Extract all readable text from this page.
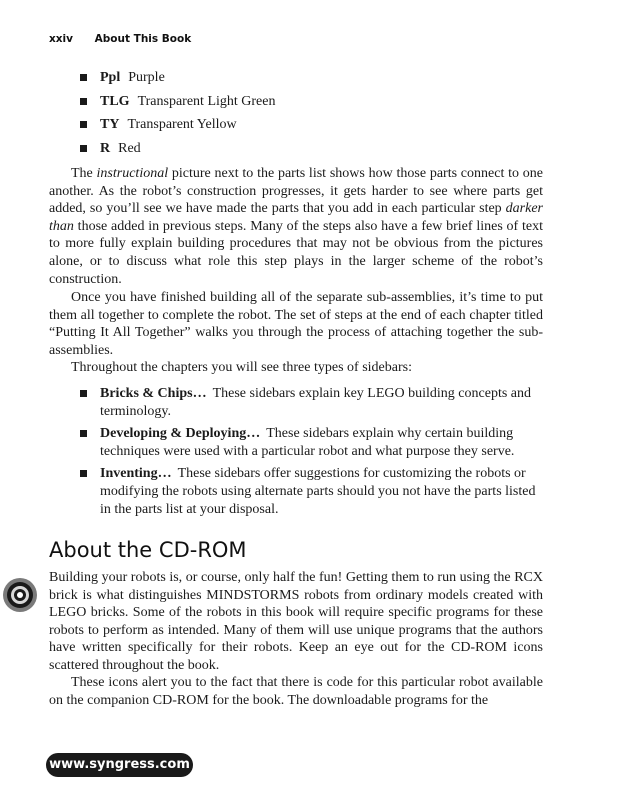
xxiv About This Book
Ppl Purple
TLG Transparent Light Green
TY Transparent Yellow
R Red

The instructional picture next to the parts list shows how those parts connect to one another. As the robot’s construction progresses, it gets harder to see where parts get added, so you’ll see we have made the parts that you add in each particular step darker than those added in previous steps. Many of the steps also have a few brief lines of text to more fully explain building procedures that may not be obvious from the pictures alone, or to discuss what role this step plays in the larger scheme of the robot’s construction.

Once you have finished building all of the separate sub-assemblies, it’s time to put them all together to complete the robot. The set of steps at the end of each chapter titled “Putting It All Together” walks you through the process of attaching together the sub-assemblies.

Throughout the chapters you will see three types of sidebars:

Bricks & Chips… These sidebars explain key LEGO building concepts and terminology.
Developing & Deploying… These sidebars explain why certain building techniques were used with a particular robot and what purpose they serve.
Inventing… These sidebars offer suggestions for customizing the robots or modifying the robots using alternate parts should you not have the parts listed in the parts list at your disposal.
About the CD-ROM

Building your robots is, or course, only half the fun! Getting them to run using the RCX brick is what distinguishes MINDSTORMS robots from ordinary models created with LEGO bricks. Some of the robots in this book will require specific programs for these robots to perform as intended. Many of them will use unique programs that the authors have written specifically for their robots. Keep an eye out for the CD-ROM icons scattered throughout the book.

These icons alert you to the fact that there is code for this particular robot available on the companion CD-ROM for the book. The downloadable programs for the

www.syngress.com
